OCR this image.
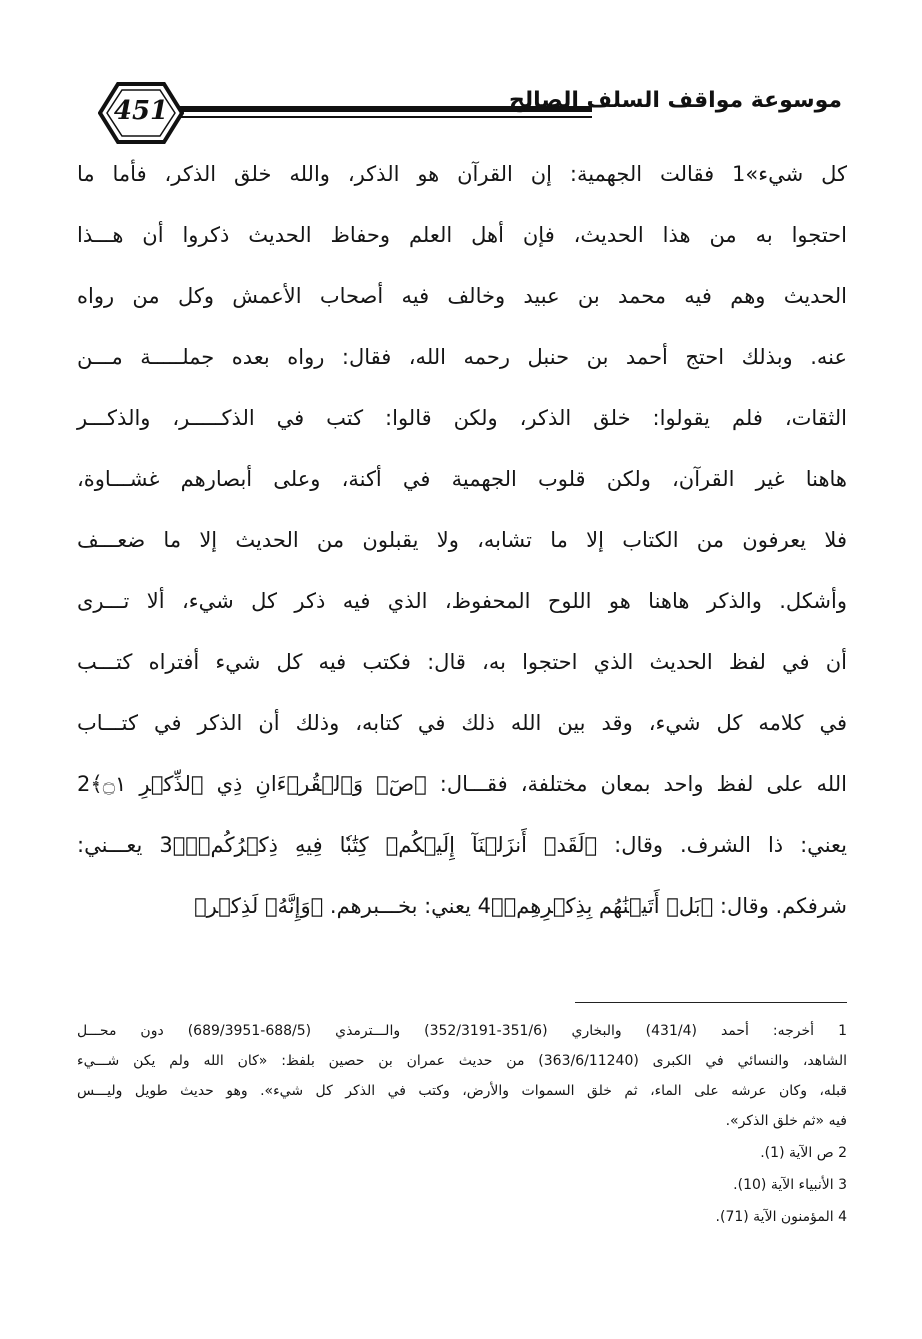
451	موسوعة مواقف السلف الصالح
كل شيء»1 فقالت الجهمية: إن القرآن هو الذكر، والله خلق الذكر، فأما ما
احتجوا به من هذا الحديث، فإن أهل العلم وحفاظ الحديث ذكروا أن هـــذا
الحديث وهم فيه محمد بن عبيد وخالف فيه أصحاب الأعمش وكل من رواه
عنه. وبذلك احتج أحمد بن حنبل رحمه الله، فقال: رواه بعده جملـــــة مـــن
الثقات، فلم يقولوا: خلق الذكر، ولكن قالوا: كتب في الذكـــــر، والذكـــر
هاهنا غير القرآن، ولكن قلوب الجهمية في أكنة، وعلى أبصارهم غشـــاوة،
فلا يعرفون من الكتاب إلا ما تشابه، ولا يقبلون من الحديث إلا ما ضعـــف
وأشكل. والذكر هاهنا هو اللوح المحفوظ، الذي فيه ذكر كل شيء، ألا تـــرى
أن في لفظ الحديث الذي احتجوا به، قال: فكتب فيه كل شيء أفتراه كتـــب
في كلامه كل شيء، وقد بين الله ذلك في كتابه، وذلك أن الذكر في كتـــاب
الله على لفظ واحد بمعان مختلفة، فقـــال: ﴿صٓۚ وَٱلۡقُرۡءَانِ ذِي ٱلذِّكۡرِ ۝١﴾2
يعني: ذا الشرف. وقال: ﴿لَقَدۡ أَنزَلۡنَآ إِلَيۡكُمۡ كِتَٰبٗا فِيهِ ذِكۡرُكُمۡۚ﴾3 يعـــني:
شرفكم. وقال: ﴿بَلۡ أَتَيۡنَٰهُم بِذِكۡرِهِمۡ﴾4 يعني: بخـــبرهم. ﴿وَإِنَّهُۥ لَذِكۡرٞ
1 أخرجه: أحمد (431/4) والبخاري (351/6-352/3191) والـــترمذي (688/5-689/3951) دون محـــل
الشاهد، والنسائي في الكبرى (363/6/11240) من حديث عمران بن حصين بلفظ: «كان الله ولم يكن شـــيء
قبله، وكان عرشه على الماء، ثم خلق السموات والأرض، وكتب في الذكر كل شيء». وهو حديث طويل وليـــس
فيه «ثم خلق الذكر».
2 ص الآية (1).
3 الأنبياء الآية (10).
4 المؤمنون الآية (71).
